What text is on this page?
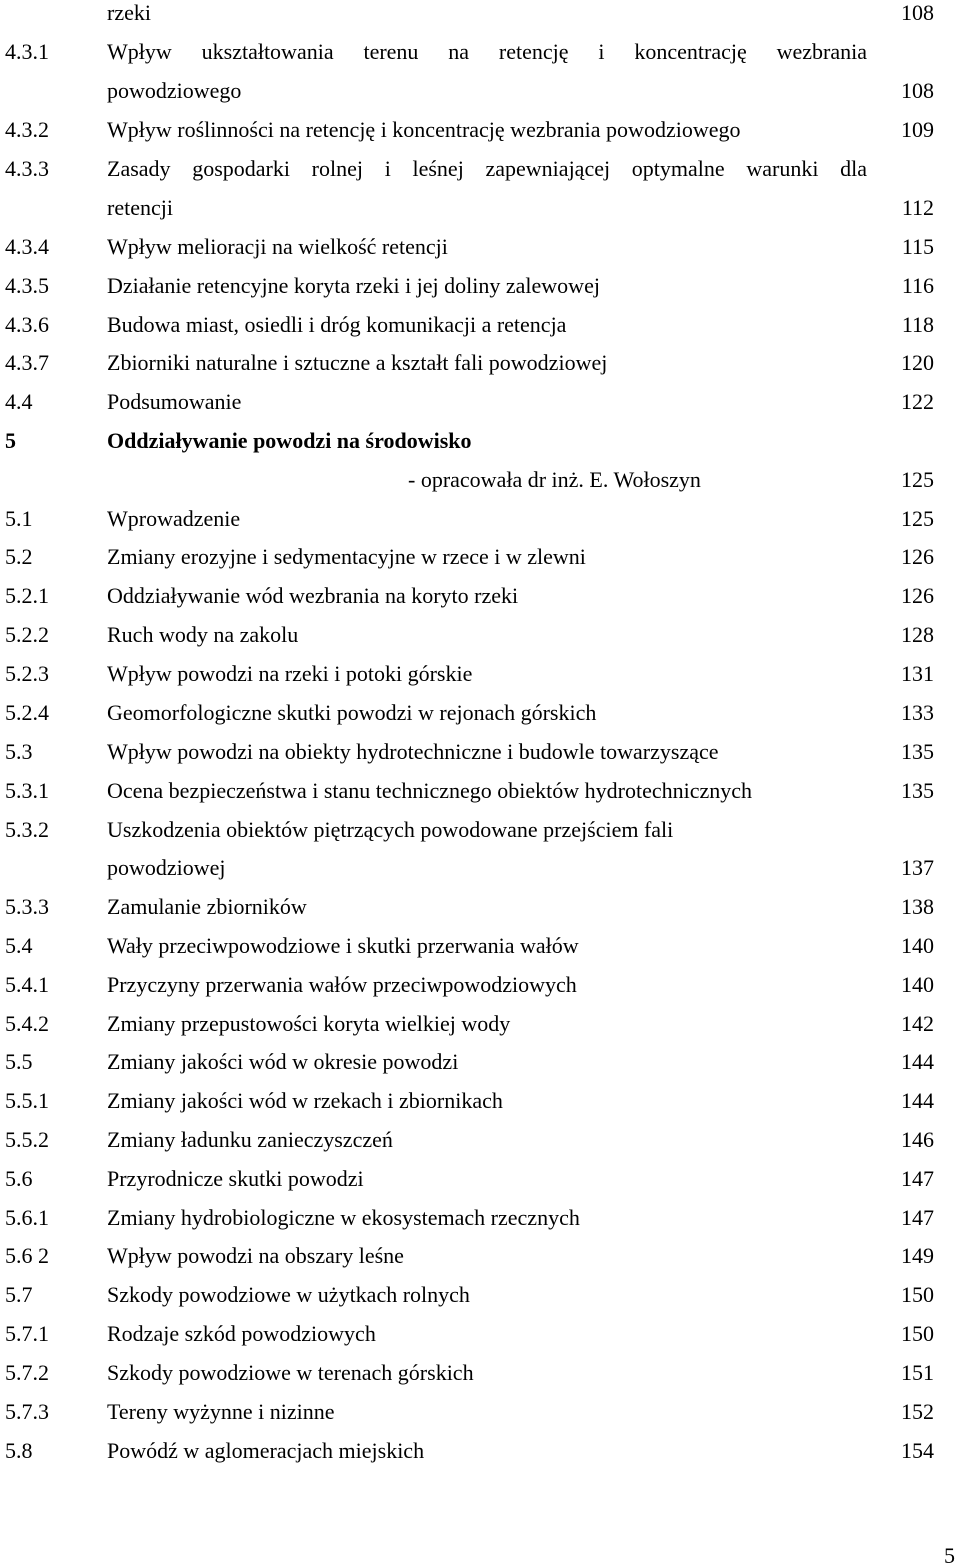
rzeki	108
4.3.1	Wpływ ukształtowania terenu na retencję i koncentrację wezbrania
powodziowego	108
4.3.2	Wpływ roślinności na retencję i koncentrację wezbrania powodziowego	109
4.3.3	Zasady gospodarki rolnej i leśnej zapewniającej optymalne warunki dla
retencji	112
4.3.4	Wpływ melioracji na wielkość retencji	115
4.3.5	Działanie retencyjne koryta rzeki i jej doliny zalewowej	116
4.3.6	Budowa miast, osiedli i dróg komunikacji a retencja	118
4.3.7	Zbiorniki naturalne i sztuczne a kształt fali powodziowej	120
4.4	Podsumowanie	122
5	Oddziaływanie powodzi na środowisko
- opracowała dr inż. E. Wołoszyn	125
5.1	Wprowadzenie	125
5.2	Zmiany erozyjne i sedymentacyjne w rzece i w zlewni	126
5.2.1	Oddziaływanie wód wezbrania na koryto rzeki	126
5.2.2	Ruch wody na zakolu	128
5.2.3	Wpływ powodzi na rzeki i potoki górskie	131
5.2.4	Geomorfologiczne skutki powodzi w rejonach górskich	133
5.3	Wpływ powodzi na obiekty hydrotechniczne i budowle towarzyszące	135
5.3.1	Ocena bezpieczeństwa i stanu technicznego obiektów hydrotechnicznych	135
5.3.2	Uszkodzenia obiektów piętrzących powodowane przejściem fali
powodziowej	137
5.3.3	Zamulanie zbiorników	138
5.4	Wały przeciwpowodziowe i skutki przerwania wałów	140
5.4.1	Przyczyny przerwania wałów przeciwpowodziowych	140
5.4.2	Zmiany przepustowości koryta wielkiej wody	142
5.5	Zmiany jakości wód w okresie powodzi	144
5.5.1	Zmiany jakości wód w rzekach i zbiornikach	144
5.5.2	Zmiany ładunku zanieczyszczeń	146
5.6	Przyrodnicze skutki powodzi	147
5.6.1	Zmiany hydrobiologiczne w ekosystemach rzecznych	147
5.6 2	Wpływ powodzi na obszary leśne	149
5.7	Szkody powodziowe w użytkach rolnych	150
5.7.1	Rodzaje szkód powodziowych	150
5.7.2	Szkody powodziowe w terenach górskich	151
5.7.3	Tereny wyżynne i nizinne	152
5.8	Powódź w aglomeracjach miejskich	154
5
